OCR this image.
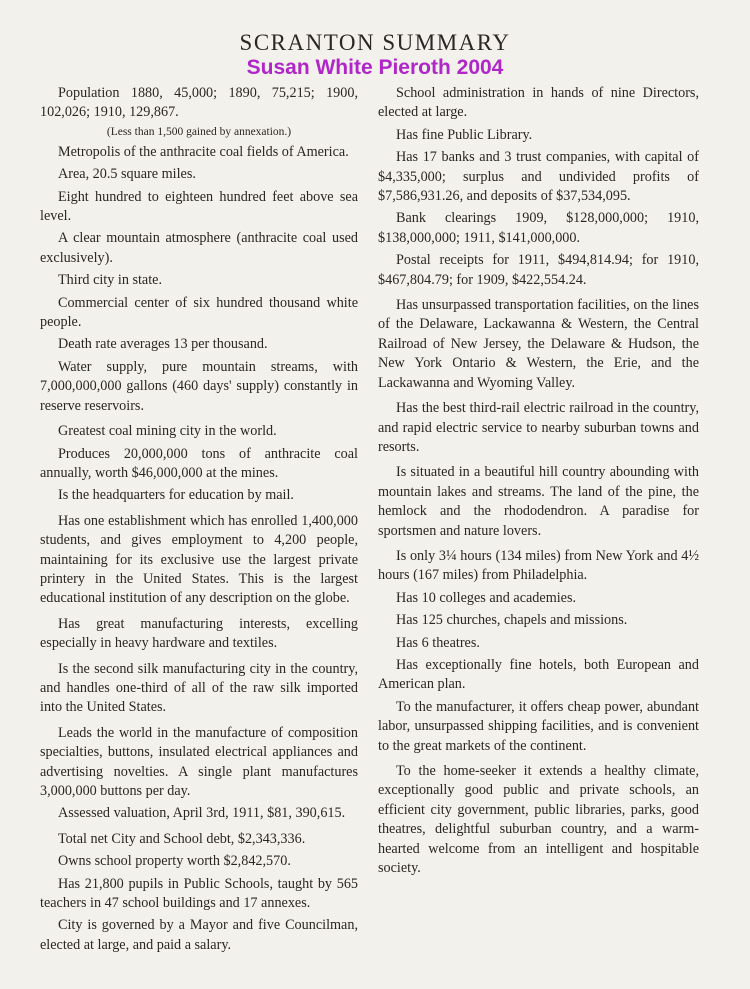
SCRANTON SUMMARY
Susan White Pieroth 2004

Population 1880, 45,000; 1890, 75,215; 1900, 102,026; 1910, 129,867.

(Less than 1,500 gained by annexation.)

Metropolis of the anthracite coal fields of America.

Area, 20.5 square miles.

Eight hundred to eighteen hundred feet above sea level.

A clear mountain atmosphere (anthracite coal used exclusively).

Third city in state.

Commercial center of six hundred thousand white people.

Death rate averages 13 per thousand.

Water supply, pure mountain streams, with 7,000,000,000 gallons (460 days' supply) constantly in reserve reservoirs.

Greatest coal mining city in the world.

Produces 20,000,000 tons of anthracite coal annually, worth $46,000,000 at the mines.

Is the headquarters for education by mail.

Has one establishment which has enrolled 1,400,000 students, and gives employment to 4,200 people, maintaining for its exclusive use the largest private printery in the United States. This is the largest educational institution of any description on the globe.

Has great manufacturing interests, excelling especially in heavy hardware and textiles.

Is the second silk manufacturing city in the country, and handles one-third of all of the raw silk imported into the United States.

Leads the world in the manufacture of composition specialties, buttons, insulated electrical appliances and advertising novelties. A single plant manufactures 3,000,000 buttons per day.

Assessed valuation, April 3rd, 1911, $81, 390,615.

Total net City and School debt, $2,343,336.

Owns school property worth $2,842,570.

Has 21,800 pupils in Public Schools, taught by 565 teachers in 47 school buildings and 17 annexes.

City is governed by a Mayor and five Councilman, elected at large, and paid a salary.

School administration in hands of nine Directors, elected at large.

Has fine Public Library.

Has 17 banks and 3 trust companies, with capital of $4,335,000; surplus and undivided profits of $7,586,931.26, and deposits of $37,534,095.

Bank clearings 1909, $128,000,000; 1910, $138,000,000; 1911, $141,000,000.

Postal receipts for 1911, $494,814.94; for 1910, $467,804.79; for 1909, $422,554.24.

Has unsurpassed transportation facilities, on the lines of the Delaware, Lackawanna & Western, the Central Railroad of New Jersey, the Delaware & Hudson, the New York Ontario & Western, the Erie, and the Lackawanna and Wyoming Valley.

Has the best third-rail electric railroad in the country, and rapid electric service to nearby suburban towns and resorts.

Is situated in a beautiful hill country abounding with mountain lakes and streams. The land of the pine, the hemlock and the rhododendron. A paradise for sportsmen and nature lovers.

Is only 3¼ hours (134 miles) from New York and 4½ hours (167 miles) from Philadelphia.

Has 10 colleges and academies.

Has 125 churches, chapels and missions.

Has 6 theatres.

Has exceptionally fine hotels, both European and American plan.

To the manufacturer, it offers cheap power, abundant labor, unsurpassed shipping facilities, and is convenient to the great markets of the continent.

To the home-seeker it extends a healthy climate, exceptionally good public and private schools, an efficient city government, public libraries, parks, good theatres, delightful suburban country, and a warm-hearted welcome from an intelligent and hospitable society.
